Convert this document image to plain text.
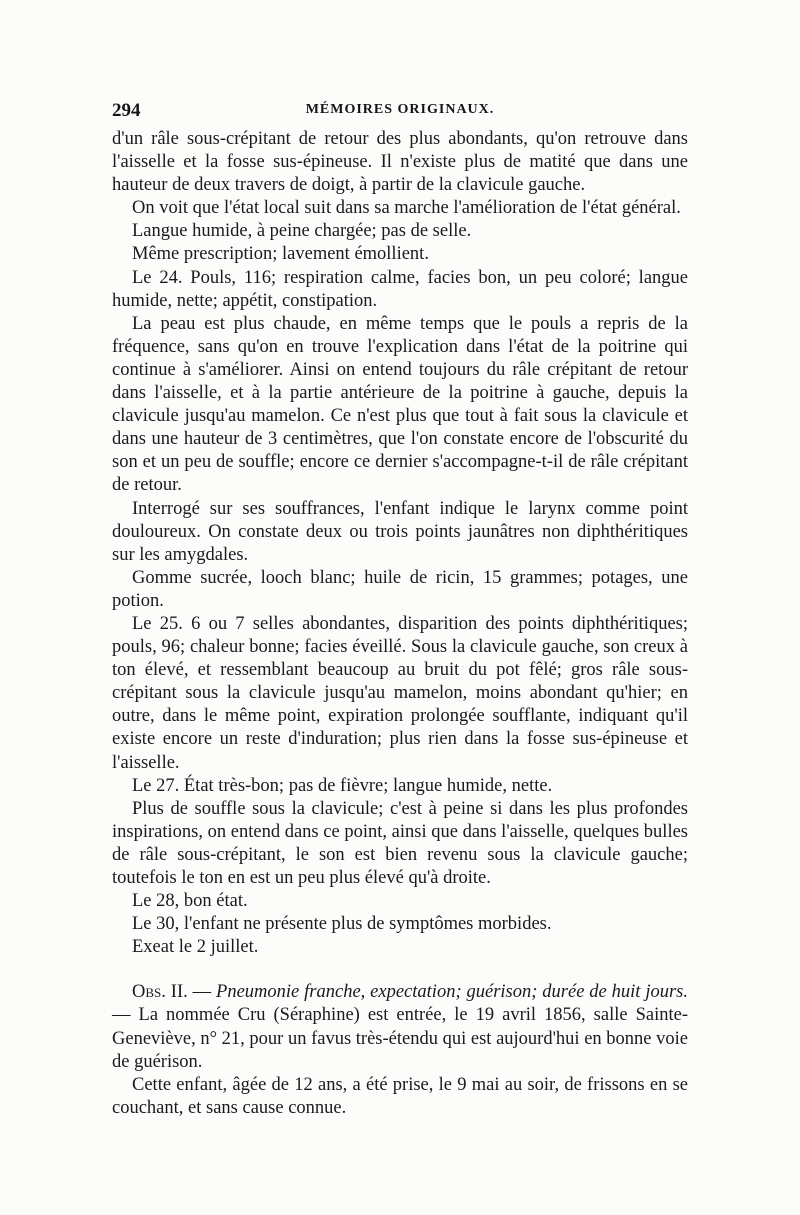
294	MÉMOIRES ORIGINAUX.

d'un râle sous-crépitant de retour des plus abondants, qu'on retrouve dans l'aisselle et la fosse sus-épineuse. Il n'existe plus de matité que dans une hauteur de deux travers de doigt, à partir de la clavicule gauche.

On voit que l'état local suit dans sa marche l'amélioration de l'état général.

Langue humide, à peine chargée; pas de selle.

Même prescription; lavement émollient.

Le 24. Pouls, 116; respiration calme, facies bon, un peu coloré; langue humide, nette; appétit, constipation.

La peau est plus chaude, en même temps que le pouls a repris de la fréquence, sans qu'on en trouve l'explication dans l'état de la poitrine qui continue à s'améliorer. Ainsi on entend toujours du râle crépitant de retour dans l'aisselle, et à la partie antérieure de la poitrine à gauche, depuis la clavicule jusqu'au mamelon. Ce n'est plus que tout à fait sous la clavicule et dans une hauteur de 3 centimètres, que l'on constate encore de l'obscurité du son et un peu de souffle; encore ce dernier s'accompagne-t-il de râle crépitant de retour.

Interrogé sur ses souffrances, l'enfant indique le larynx comme point douloureux. On constate deux ou trois points jaunâtres non diphthéritiques sur les amygdales.

Gomme sucrée, looch blanc; huile de ricin, 15 grammes; potages, une potion.

Le 25. 6 ou 7 selles abondantes, disparition des points diphthéritiques; pouls, 96; chaleur bonne; facies éveillé. Sous la clavicule gauche, son creux à ton élevé, et ressemblant beaucoup au bruit du pot fêlé; gros râle sous-crépitant sous la clavicule jusqu'au mamelon, moins abondant qu'hier; en outre, dans le même point, expiration prolongée soufflante, indiquant qu'il existe encore un reste d'induration; plus rien dans la fosse sus-épineuse et l'aisselle.

Le 27. État très-bon; pas de fièvre; langue humide, nette.

Plus de souffle sous la clavicule; c'est à peine si dans les plus profondes inspirations, on entend dans ce point, ainsi que dans l'aisselle, quelques bulles de râle sous-crépitant, le son est bien revenu sous la clavicule gauche; toutefois le ton en est un peu plus élevé qu'à droite.

Le 28, bon état.

Le 30, l'enfant ne présente plus de symptômes morbides.

Exeat le 2 juillet.

Obs. II. — Pneumonie franche, expectation; guérison; durée de huit jours. — La nommée Cru (Séraphine) est entrée, le 19 avril 1856, salle Sainte-Geneviève, n° 21, pour un favus très-étendu qui est aujourd'hui en bonne voie de guérison.

Cette enfant, âgée de 12 ans, a été prise, le 9 mai au soir, de frissons en se couchant, et sans cause connue.
